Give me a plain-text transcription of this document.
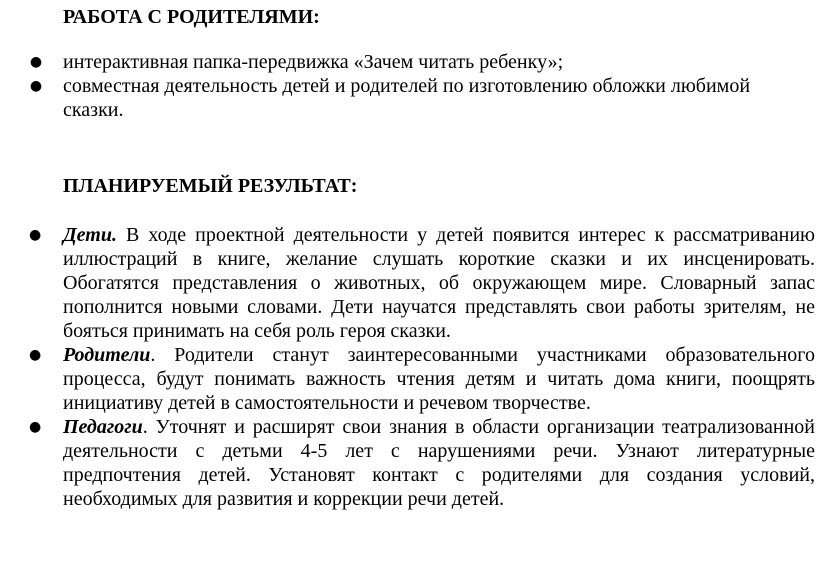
РАБОТА С РОДИТЕЛЯМИ:
● интерактивная папка-передвижка «Зачем читать ребенку»;
● совместная деятельность детей и родителей по изготовлению обложки любимой сказки.
ПЛАНИРУЕМЫЙ РЕЗУЛЬТАТ:
● Дети. В ходе проектной деятельности у детей появится интерес к рассматриванию иллюстраций в книге, желание слушать короткие сказки и их инсценировать. Обогатятся представления о животных, об окружающем мире. Словарный запас пополнится новыми словами. Дети научатся представлять свои работы зрителям, не бояться принимать на себя роль героя сказки.
● Родители. Родители станут заинтересованными участниками образовательного процесса, будут понимать важность чтения детям и читать дома книги, поощрять инициативу детей в самостоятельности и речевом творчестве.
● Педагоги. Уточнят и расширят свои знания в области организации театрализованной деятельности с детьми 4-5 лет с нарушениями речи. Узнают литературные предпочтения детей. Установят контакт с родителями для создания условий, необходимых для развития и коррекции речи детей.
